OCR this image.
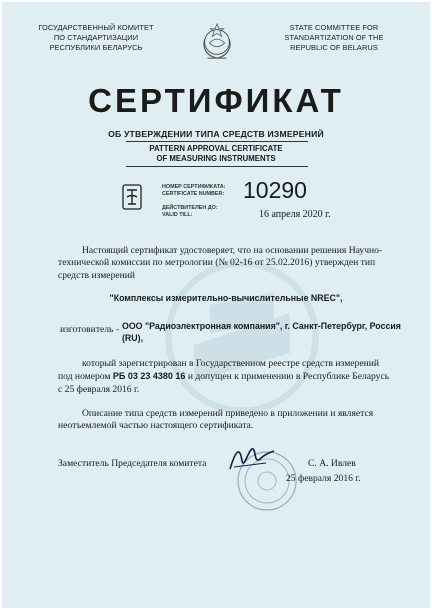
ГОСУДАРСТВЕННЫЙ КОМИТЕТ
ПО СТАНДАРТИЗАЦИИ
РЕСПУБЛИКИ БЕЛАРУСЬ
STATE COMMITTEE FOR
STANDARTIZATION OF THE
REPUBLIC OF BELARUS
СЕРТИФИКАТ
ОБ УТВЕРЖДЕНИИ ТИПА СРЕДСТВ ИЗМЕРЕНИЙ
PATTERN APPROVAL CERTIFICATE
OF MEASURING INSTRUMENTS
НОМЕР СЕРТИФИКАТА:
CERTIFICATE NUMBER: 10290
ДЕЙСТВИТЕЛЕН ДО:
VALID TILL:	16 апреля 2020 г.
Настоящий сертификат удостоверяет, что на основании решения Научно-технической комиссии по метрологии (№ 02-16 от 25.02.2016) утвержден тип средств измерений
"Комплексы измерительно-вычислительные NREC",
изготовитель - ООО "Радиоэлектронная компания", г. Санкт-Петербург, Россия (RU),
который зарегистрирован в Государственном реестре средств измерений под номером РБ 03 23 4380 16 и допущен к применению в Республике Беларусь с 25 февраля 2016 г.
Описание типа средств измерений приведено в приложении и является неотъемлемой частью настоящего сертификата.
Заместитель Председателя комитета	С. А. Ивлев
25 февраля 2016 г.
